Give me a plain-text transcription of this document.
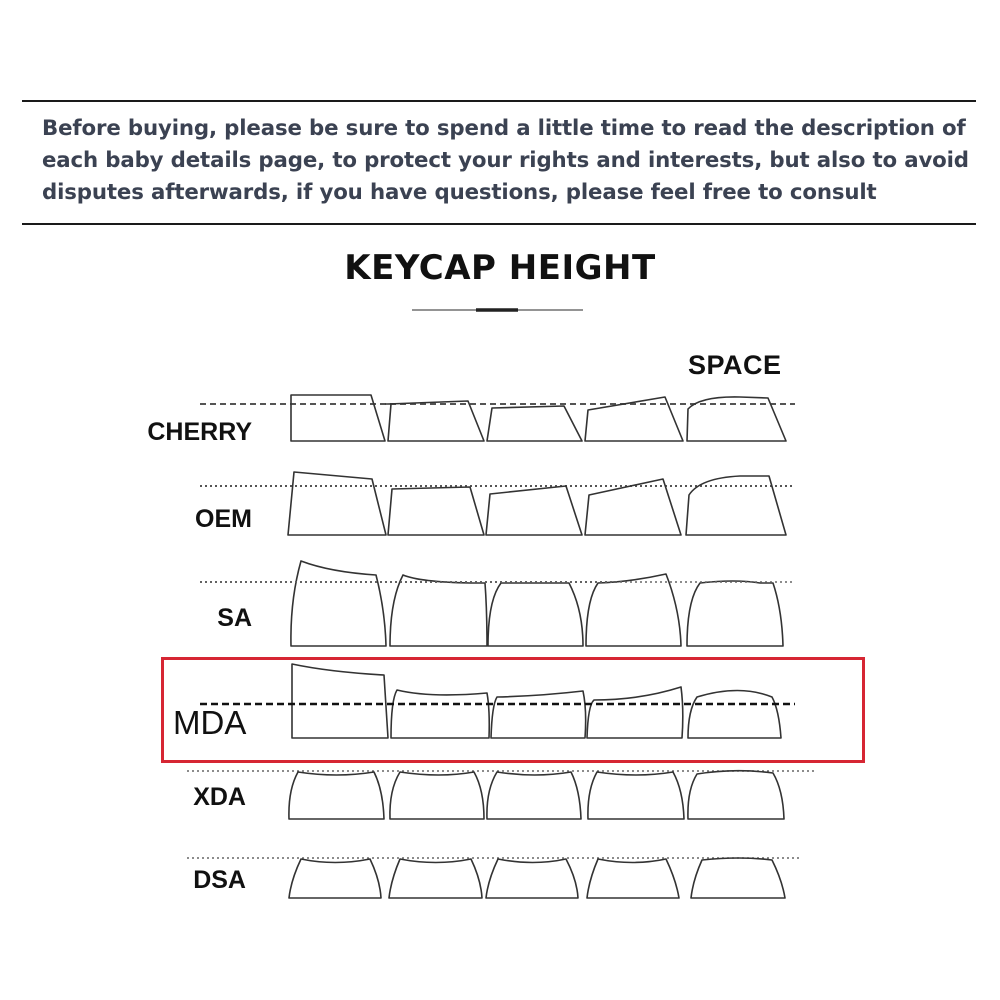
Before buying, please be sure to spend a little time to read the description of each baby details page, to protect your rights and interests, but also to avoid disputes afterwards, if you have questions, please feel free to consult
KEYCAP HEIGHT
SPACE
CHERRY
OEM
SA
MDA
XDA
DSA
